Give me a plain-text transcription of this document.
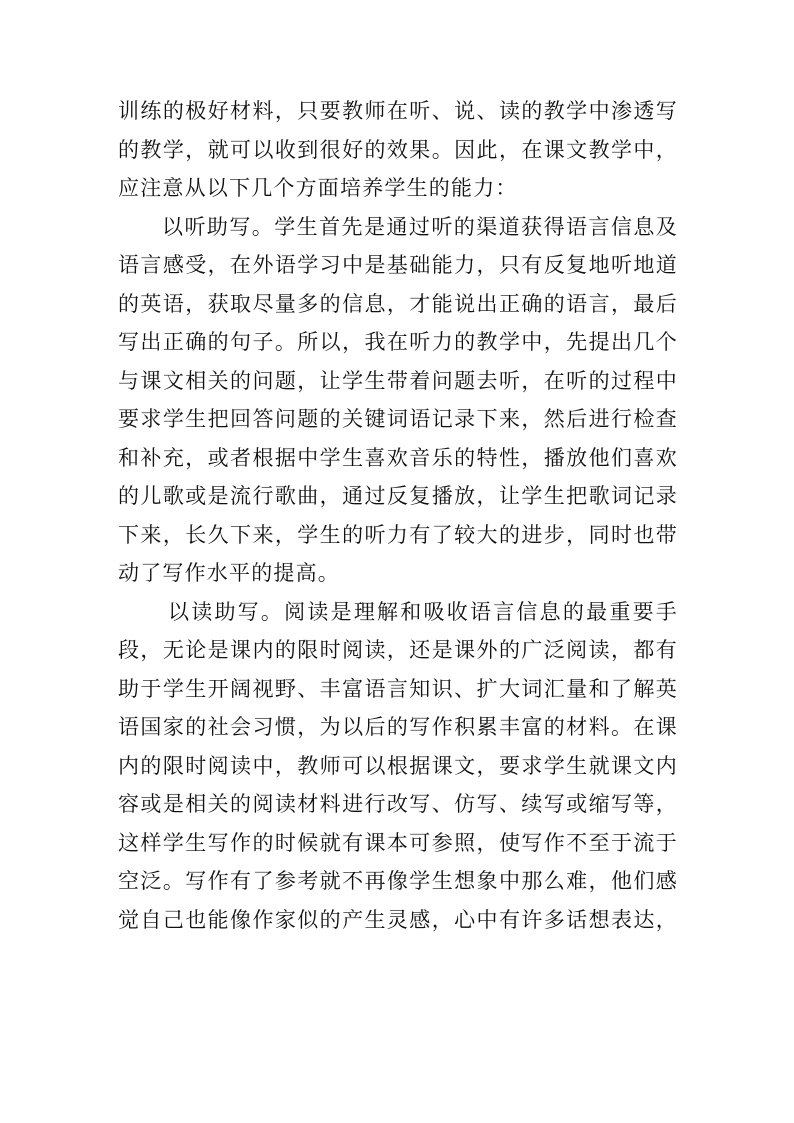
训练的极好材料，只要教师在听、说、读的教学中渗透写
的教学，就可以收到很好的效果。因此，在课文教学中，
应注意从以下几个方面培养学生的能力：
以听助写。学生首先是通过听的渠道获得语言信息及
语言感受，在外语学习中是基础能力，只有反复地听地道
的英语，获取尽量多的信息，才能说出正确的语言，最后
写出正确的句子。所以，我在听力的教学中，先提出几个
与课文相关的问题，让学生带着问题去听，在听的过程中
要求学生把回答问题的关键词语记录下来，然后进行检查
和补充，或者根据中学生喜欢音乐的特性，播放他们喜欢
的儿歌或是流行歌曲，通过反复播放，让学生把歌词记录
下来，长久下来，学生的听力有了较大的进步，同时也带
动了写作水平的提高。
以读助写。阅读是理解和吸收语言信息的最重要手
段，无论是课内的限时阅读，还是课外的广泛阅读，都有
助于学生开阔视野、丰富语言知识、扩大词汇量和了解英
语国家的社会习惯，为以后的写作积累丰富的材料。在课
内的限时阅读中，教师可以根据课文，要求学生就课文内
容或是相关的阅读材料进行改写、仿写、续写或缩写等，
这样学生写作的时候就有课本可参照，使写作不至于流于
空泛。写作有了参考就不再像学生想象中那么难，他们感
觉自己也能像作家似的产生灵感，心中有许多话想表达，
